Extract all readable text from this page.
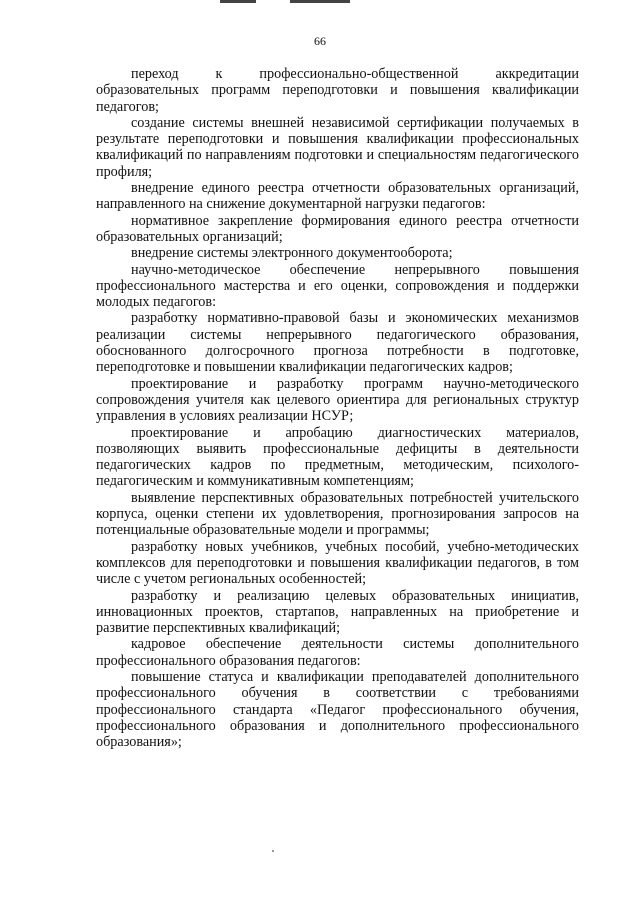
66

переход к профессионально-общественной аккредитации образовательных программ переподготовки и повышения квалификации педагогов;

создание системы внешней независимой сертификации получаемых в результате переподготовки и повышения квалификации профессиональных квалификаций по направлениям подготовки и специальностям педагогического профиля;

внедрение единого реестра отчетности образовательных организаций, направленного на снижение документарной нагрузки педагогов:

нормативное закрепление формирования единого реестра отчетности образовательных организаций;

внедрение системы электронного документооборота;

научно-методическое обеспечение непрерывного повышения профессионального мастерства и его оценки, сопровождения и поддержки молодых педагогов:

разработку нормативно-правовой базы и экономических механизмов реализации системы непрерывного педагогического образования, обоснованного долгосрочного прогноза потребности в подготовке, переподготовке и повышении квалификации педагогических кадров;

проектирование и разработку программ научно-методического сопровождения учителя как целевого ориентира для региональных структур управления в условиях реализации НСУР;

проектирование и апробацию диагностических материалов, позволяющих выявить профессиональные дефициты в деятельности педагогических кадров по предметным, методическим, психолого-педагогическим и коммуникативным компетенциям;

выявление перспективных образовательных потребностей учительского корпуса, оценки степени их удовлетворения, прогнозирования запросов на потенциальные образовательные модели и программы;

разработку новых учебников, учебных пособий, учебно-методических комплексов для переподготовки и повышения квалификации педагогов, в том числе с учетом региональных особенностей;

разработку и реализацию целевых образовательных инициатив, инновационных проектов, стартапов, направленных на приобретение и развитие перспективных квалификаций;

кадровое обеспечение деятельности системы дополнительного профессионального образования педагогов:

повышение статуса и квалификации преподавателей дополнительного профессионального обучения в соответствии с требованиями профессионального стандарта «Педагог профессионального обучения, профессионального образования и дополнительного профессионального образования»;
